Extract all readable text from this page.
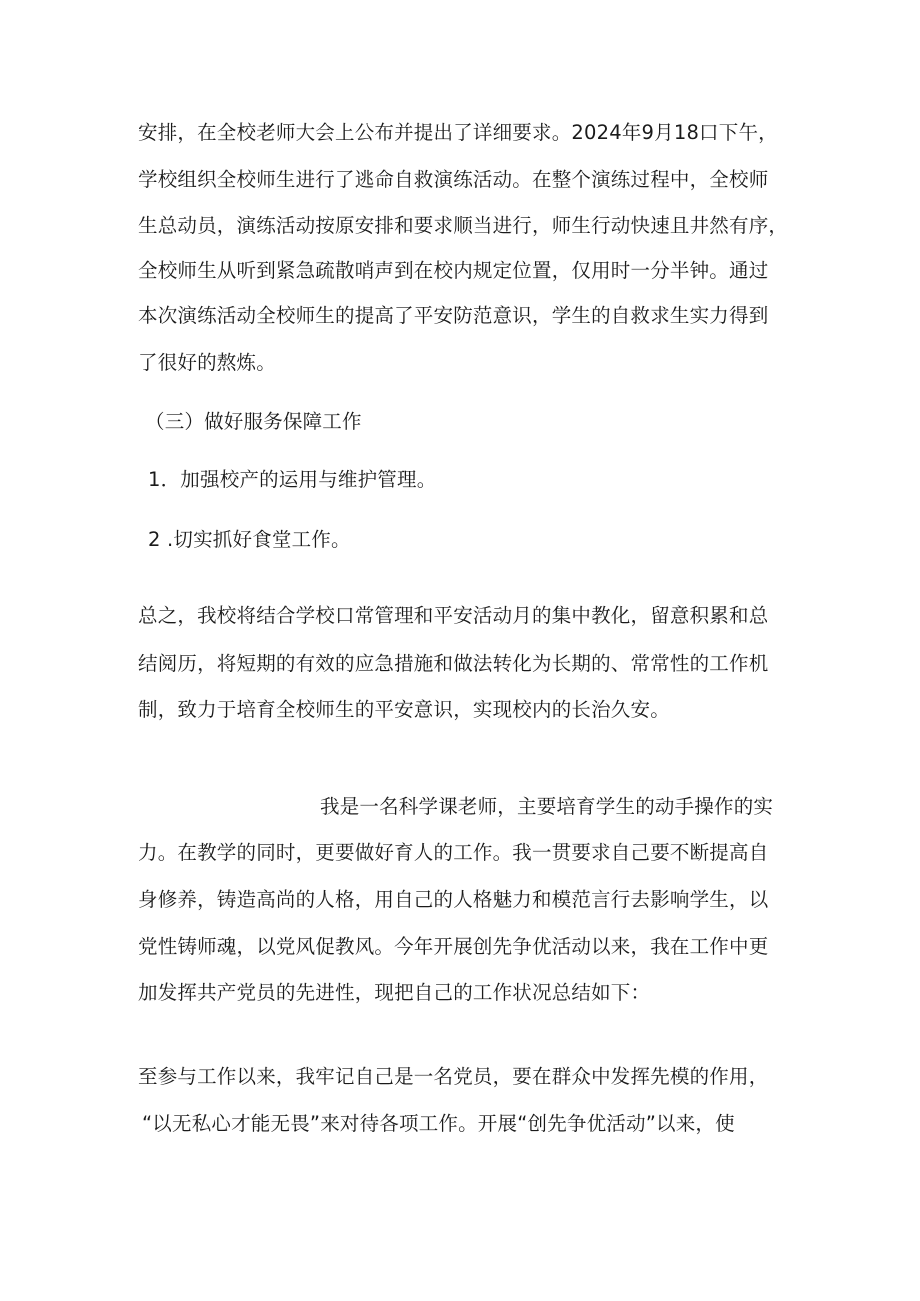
安排，在全校老师大会上公布并提出了详细要求。2024年9月18口下午，
学校组织全校师生进行了逃命自救演练活动。在整个演练过程中，全校师
生总动员，演练活动按原安排和要求顺当进行，师生行动快速且井然有序，
全校师生从听到紧急疏散哨声到在校内规定位置，仅用时一分半钟。通过
本次演练活动全校师生的提高了平安防范意识，学生的自救求生实力得到
了很好的熬炼。
（三）做好服务保障工作
1．加强校产的运用与维护管理。
2 .切实抓好食堂工作。
总之，我校将结合学校口常管理和平安活动月的集中教化，留意积累和总
结阅历，将短期的有效的应急措施和做法转化为长期的、常常性的工作机
制，致力于培育全校师生的平安意识，实现校内的长治久安。
我是一名科学课老师，主要培育学生的动手操作的实
力。在教学的同时，更要做好育人的工作。我一贯要求自己要不断提高自
身修养，铸造高尚的人格，用自己的人格魅力和模范言行去影响学生，以
党性铸师魂，以党风促教风。今年开展创先争优活动以来，我在工作中更
加发挥共产党员的先进性，现把自己的工作状况总结如下：
至参与工作以来，我牢记自己是一名党员，要在群众中发挥先模的作用，
“以无私心才能无畏”来对待各项工作。开展“创先争优活动”以来，使
